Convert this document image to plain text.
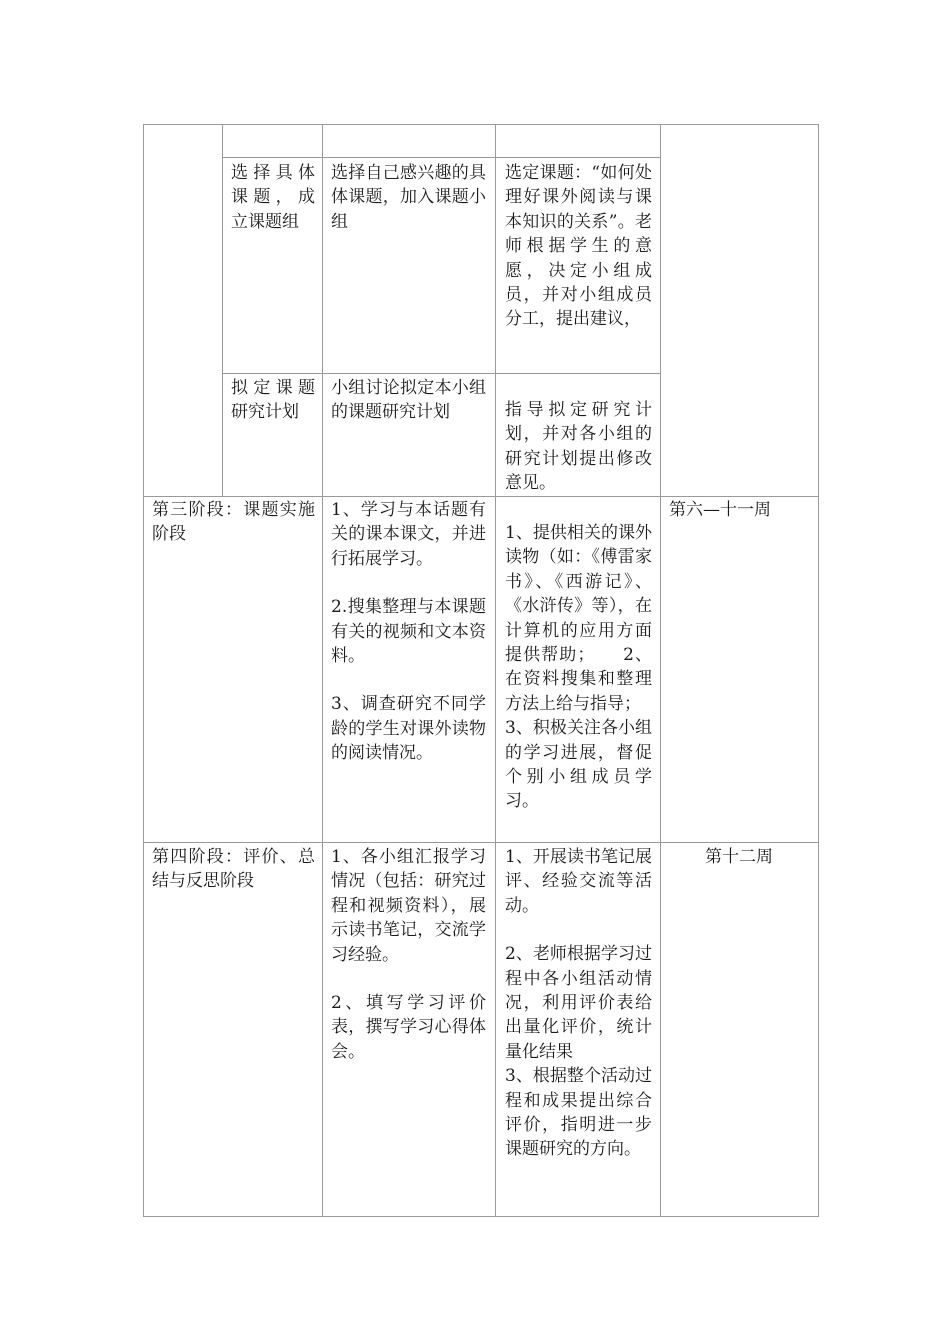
选择具体课题，成立课题组

选择自己感兴趣的具体课题，加入课题小组

选定课题：“如何处理好课外阅读与课本知识的关系”。老师根据学生的意愿，决定小组成员，并对小组成员分工，提出建议，

拟定课题研究计划

小组讨论拟定本小组的课题研究计划	指导拟定研究计划，并对各小组的研究计划提出修改意见。

第三阶段：课题实施阶段

1、学习与本话题有关的课本课文，并进行拓展学习。

2.搜集整理与本课题有关的视频和文本资料。

3、调查研究不同学龄的学生对课外读物的阅读情况。

1、提供相关的课外读物（如：《傅雷家书》、《西游记》、《水浒传》等），在计算机的应用方面提供帮助；　　2、在资料搜集和整理方法上给与指导；

3、积极关注各小组的学习进展，督促个别小组成员学习。

第六—十一周

第四阶段：评价、总结与反思阶段

1、各小组汇报学习情况（包括：研究过程和视频资料），展示读书笔记，交流学习经验。

2、填写学习评价表，撰写学习心得体会。

1、开展读书笔记展评、经验交流等活动。

2、老师根据学习过程中各小组活动情况，利用评价表给出量化评价，统计量化结果

3、根据整个活动过程和成果提出综合评价，指明进一步课题研究的方向。

第十二周
